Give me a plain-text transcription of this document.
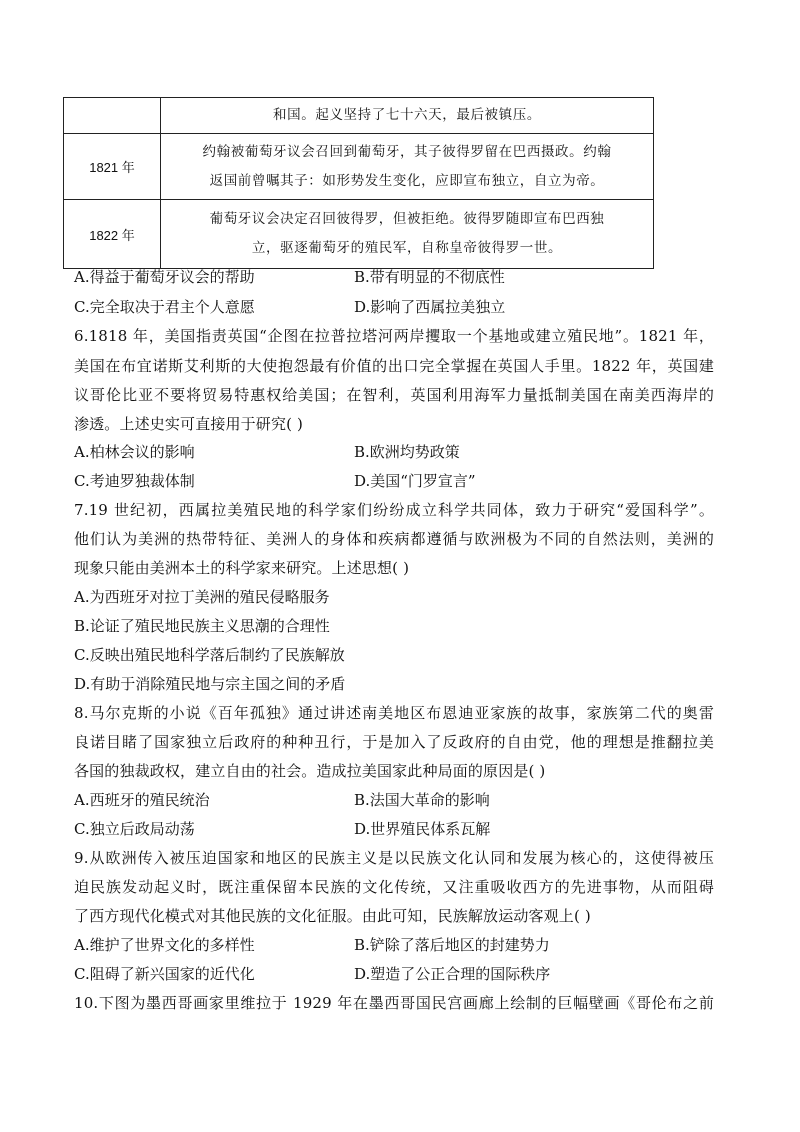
	和国。起义坚持了七十六天，最后被镇压。

1821 年	约翰被葡萄牙议会召回到葡萄牙，其子彼得罗留在巴西摄政。约翰
返国前曾嘱其子：如形势发生变化，应即宣布独立，自立为帝。

1822 年	葡萄牙议会决定召回彼得罗，但被拒绝。彼得罗随即宣布巴西独
立，驱逐葡萄牙的殖民军，自称皇帝彼得罗一世。
A.得益于葡萄牙议会的帮助	B.带有明显的不彻底性
C.完全取决于君主个人意愿	D.影响了西属拉美独立
6.1818 年，美国指责英国“企图在拉普拉塔河两岸攫取一个基地或建立殖民地”。1821 年，
美国在布宜诺斯艾利斯的大使抱怨最有价值的出口完全掌握在英国人手里。1822 年，英国建
议哥伦比亚不要将贸易特惠权给美国；在智利，英国利用海军力量抵制美国在南美西海岸的
渗透。上述史实可直接用于研究( )
A.柏林会议的影响	B.欧洲均势政策
C.考迪罗独裁体制	D.美国“门罗宣言”
7.19 世纪初，西属拉美殖民地的科学家们纷纷成立科学共同体，致力于研究“爱国科学”。
他们认为美洲的热带特征、美洲人的身体和疾病都遵循与欧洲极为不同的自然法则，美洲的
现象只能由美洲本土的科学家来研究。上述思想( )
A.为西班牙对拉丁美洲的殖民侵略服务
B.论证了殖民地民族主义思潮的合理性
C.反映出殖民地科学落后制约了民族解放
D.有助于消除殖民地与宗主国之间的矛盾
8.马尔克斯的小说《百年孤独》通过讲述南美地区布恩迪亚家族的故事，家族第二代的奥雷
良诺目睹了国家独立后政府的种种丑行，于是加入了反政府的自由党，他的理想是推翻拉美
各国的独裁政权，建立自由的社会。造成拉美国家此种局面的原因是( )
A.西班牙的殖民统治	B.法国大革命的影响
C.独立后政局动荡	D.世界殖民体系瓦解
9.从欧洲传入被压迫国家和地区的民族主义是以民族文化认同和发展为核心的，这使得被压
迫民族发动起义时，既注重保留本民族的文化传统，又注重吸收西方的先进事物，从而阻碍
了西方现代化模式对其他民族的文化征服。由此可知，民族解放运动客观上( )
A.维护了世界文化的多样性	B.铲除了落后地区的封建势力
C.阻碍了新兴国家的近代化	D.塑造了公正合理的国际秩序
10.下图为墨西哥画家里维拉于 1929 年在墨西哥国民宫画廊上绘制的巨幅壁画《哥伦布之前
